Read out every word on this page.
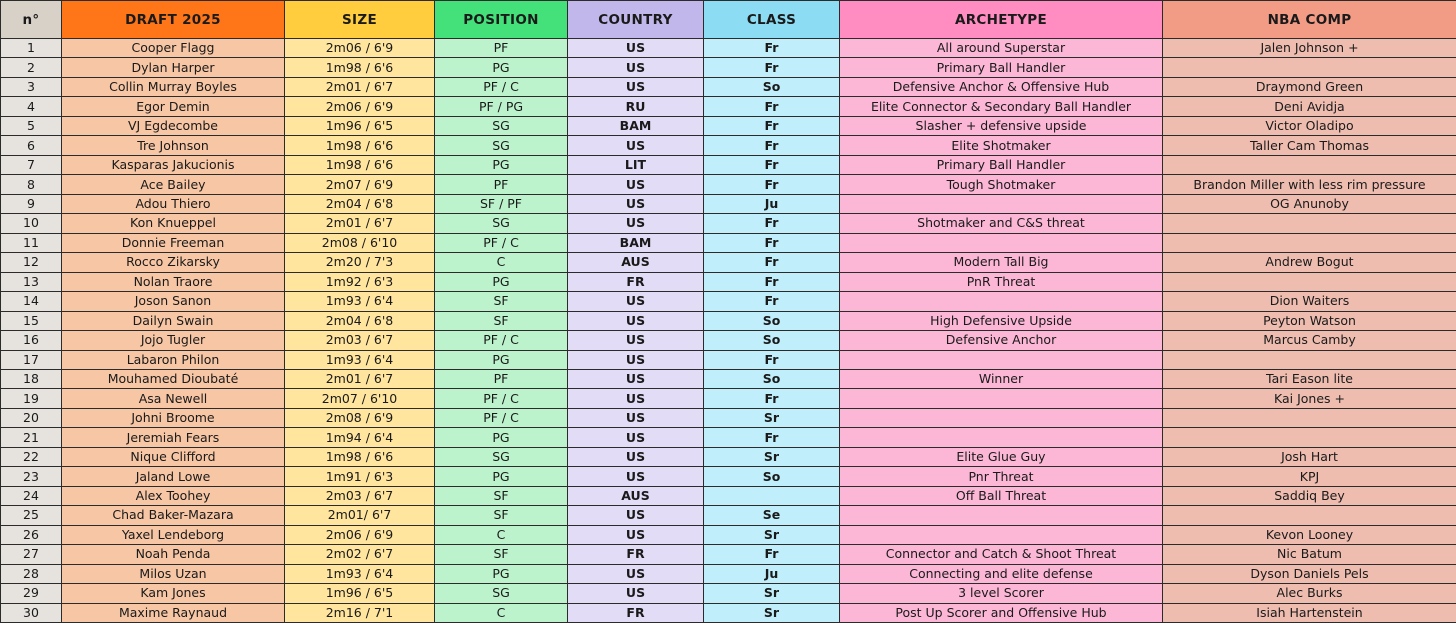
n°	DRAFT 2025	SIZE	POSITION	COUNTRY	CLASS	ARCHETYPE	NBA COMP
1	Cooper Flagg	2m06 / 6'9	PF	US	Fr	All around Superstar	Jalen Johnson +
2	Dylan Harper	1m98 / 6'6	PG	US	Fr	Primary Ball Handler	
3	Collin Murray Boyles	2m01 / 6'7	PF / C	US	So	Defensive Anchor & Offensive Hub	Draymond Green
4	Egor Demin	2m06 / 6'9	PF / PG	RU	Fr	Elite Connector & Secondary Ball Handler	Deni Avidja
5	VJ Egdecombe	1m96 / 6'5	SG	BAM	Fr	Slasher + defensive upside	Victor Oladipo
6	Tre Johnson	1m98 / 6'6	SG	US	Fr	Elite Shotmaker	Taller Cam Thomas
7	Kasparas Jakucionis	1m98 / 6'6	PG	LIT	Fr	Primary Ball Handler	
8	Ace Bailey	2m07 / 6'9	PF	US	Fr	Tough Shotmaker	Brandon Miller with less rim pressure
9	Adou Thiero	2m04 / 6'8	SF / PF	US	Ju		OG Anunoby
10	Kon Knueppel	2m01 / 6'7	SG	US	Fr	Shotmaker and C&S threat	
11	Donnie Freeman	2m08 / 6'10	PF / C	BAM	Fr		
12	Rocco Zikarsky	2m20 / 7'3	C	AUS	Fr	Modern Tall Big	Andrew Bogut
13	Nolan Traore	1m92 / 6'3	PG	FR	Fr	PnR Threat	
14	Joson Sanon	1m93 / 6'4	SF	US	Fr		Dion Waiters
15	Dailyn Swain	2m04 / 6'8	SF	US	So	High Defensive Upside	Peyton Watson
16	Jojo Tugler	2m03 / 6'7	PF / C	US	So	Defensive Anchor	Marcus Camby
17	Labaron Philon	1m93 / 6'4	PG	US	Fr		
18	Mouhamed Dioubaté	2m01 / 6'7	PF	US	So	Winner	Tari Eason lite
19	Asa Newell	2m07 / 6'10	PF / C	US	Fr		Kai Jones +
20	Johni Broome	2m08 / 6'9	PF / C	US	Sr		
21	Jeremiah Fears	1m94 / 6'4	PG	US	Fr		
22	Nique Clifford	1m98 / 6'6	SG	US	Sr	Elite Glue Guy	Josh Hart
23	Jaland Lowe	1m91 / 6'3	PG	US	So	Pnr Threat	KPJ
24	Alex Toohey	2m03 / 6'7	SF	AUS		Off Ball Threat	Saddiq Bey
25	Chad Baker-Mazara	2m01/ 6'7	SF	US	Se		
26	Yaxel Lendeborg	2m06 / 6'9	C	US	Sr		Kevon Looney
27	Noah Penda	2m02 / 6'7	SF	FR	Fr	Connector and Catch & Shoot Threat	Nic Batum
28	Milos Uzan	1m93 / 6'4	PG	US	Ju	Connecting and elite defense	Dyson Daniels Pels
29	Kam Jones	1m96 / 6'5	SG	US	Sr	3 level Scorer	Alec Burks
30	Maxime Raynaud	2m16 / 7'1	C	FR	Sr	Post Up Scorer and Offensive Hub	Isiah Hartenstein
